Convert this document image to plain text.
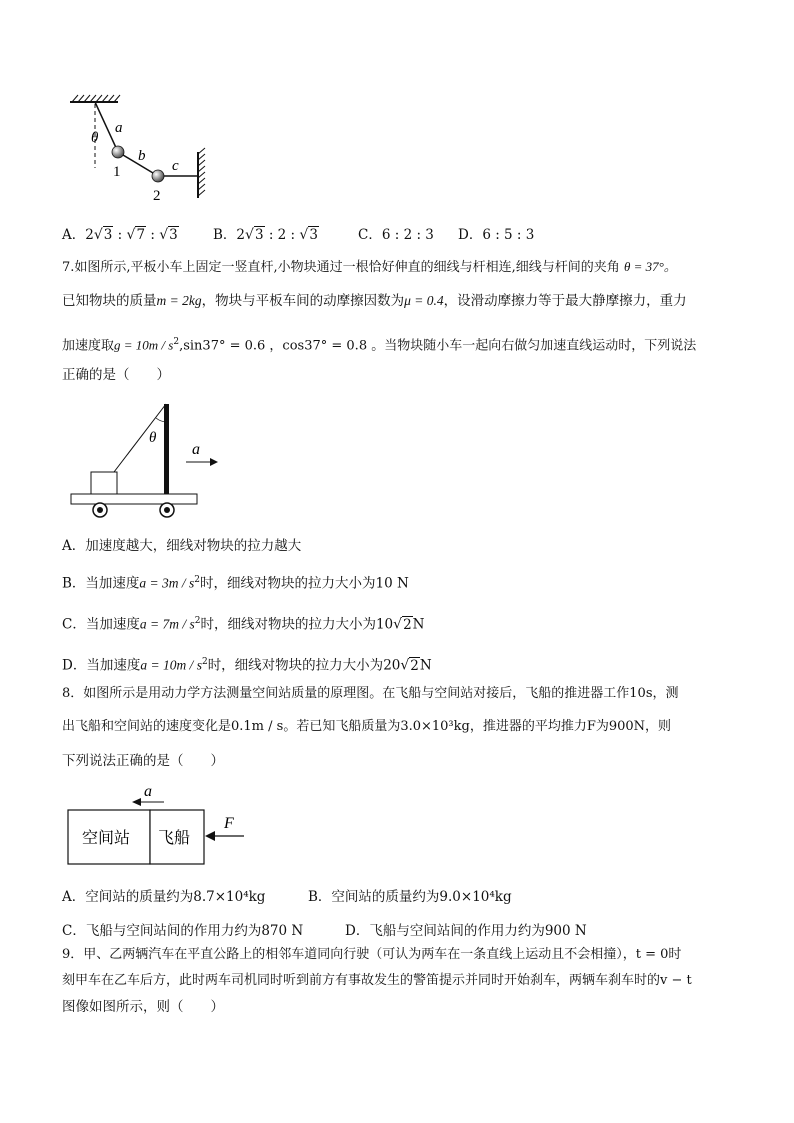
a
b
c
θ
1
2
A．2√3 : √7 : √3	B．2√3 : 2 : √3	C．6 : 2 : 3 D．6 : 5 : 3
7.如图所示,平板小车上固定一竖直杆,小物块通过一根恰好伸直的细线与杆相连,细线与杆间的夹角 θ = 37°。
已知物块的质量m = 2kg，物块与平板车间的动摩擦因数为μ = 0.4，设滑动摩擦力等于最大静摩擦力，重力
加速度取$g = 10m / s^2,\sin 37^\circ = 0.6$ ，cos37° = 0.8 。当物块随小车一起向右做匀加速直线运动时，下列说法
正确的是（　　）
θ
a
A．加速度越大，细线对物块的拉力越大
B．当加速度$a = 3m / s^2$时，细线对物块的拉力大小为10 N
C．当加速度$a = 7m / s^2$时，细线对物块的拉力大小为10√2N
D．当加速度$a = 10m / s^2$时，细线对物块的拉力大小为20√2N
8．如图所示是用动力学方法测量空间站质量的原理图。在飞船与空间站对接后，飞船的推进器工作10s，测
出飞船和空间站的速度变化是0.1m / s。若已知飞船质量为3.0×10³kg，推进器的平均推力F为900N，则
下列说法正确的是（　　）
a
空间站 飞船
F
A．空间站的质量约为8.7×10⁴kg	B．空间站的质量约为9.0×10⁴kg
C．飞船与空间站间的作用力约为870 N	D．飞船与空间站间的作用力约为900 N
9．甲、乙两辆汽车在平直公路上的相邻车道同向行驶（可认为两车在一条直线上运动且不会相撞），t = 0时
刻甲车在乙车后方，此时两车司机同时听到前方有事故发生的警笛提示并同时开始刹车，两辆车刹车时的v − t
图像如图所示，则（　　）
